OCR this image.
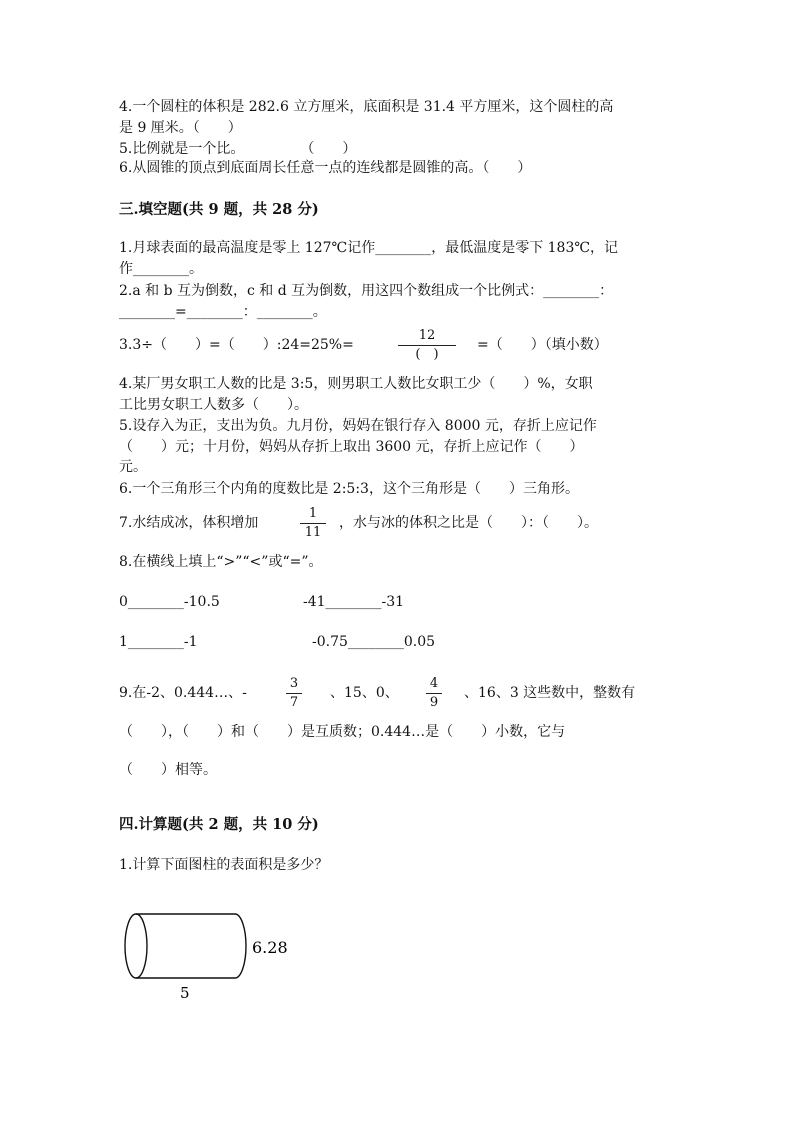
4.一个圆柱的体积是 282.6 立方厘米，底面积是 31.4 平方厘米，这个圆柱的高
是 9 厘米。（　　）
5.比例就是一个比。　　　　　（　　）
6.从圆锥的顶点到底面周长任意一点的连线都是圆锥的高。（　　）
三.填空题(共 9 题，共 28 分)
1.月球表面的最高温度是零上 127℃记作________，最低温度是零下 183℃，记
作________。
2.a 和 b 互为倒数，c 和 d 互为倒数，用这四个数组成一个比例式：________：
________=________：________。
3.3÷（　　）=（　　）:24=25%=
12
(　)
=（　　）（填小数）
4.某厂男女职工人数的比是 3:5，则男职工人数比女职工少（　　）%，女职
工比男女职工人数多（　　）。
5.设存入为正，支出为负。九月份，妈妈在银行存入 8000 元，存折上应记作
（　　）元；十月份，妈妈从存折上取出 3600 元，存折上应记作（　　）
元。
6.一个三角形三个内角的度数比是 2:5:3，这个三角形是（　　）三角形。
7.水结成冰，体积增加
1
11
，水与冰的体积之比是（　　）：（　　）。
8.在横线上填上“>”“<”或“=”。
0________-10.5	-41________-31
1________-1	-0.75________0.05
9.在-2、0.444…、-
3
7
、15、0、
4
9
、16、3 这些数中，整数有
（　　），（　　）和（　　）是互质数；0.444…是（　　）小数，它与
（　　）相等。
四.计算题(共 2 题，共 10 分)
1.计算下面图柱的表面积是多少？
6.28
5
